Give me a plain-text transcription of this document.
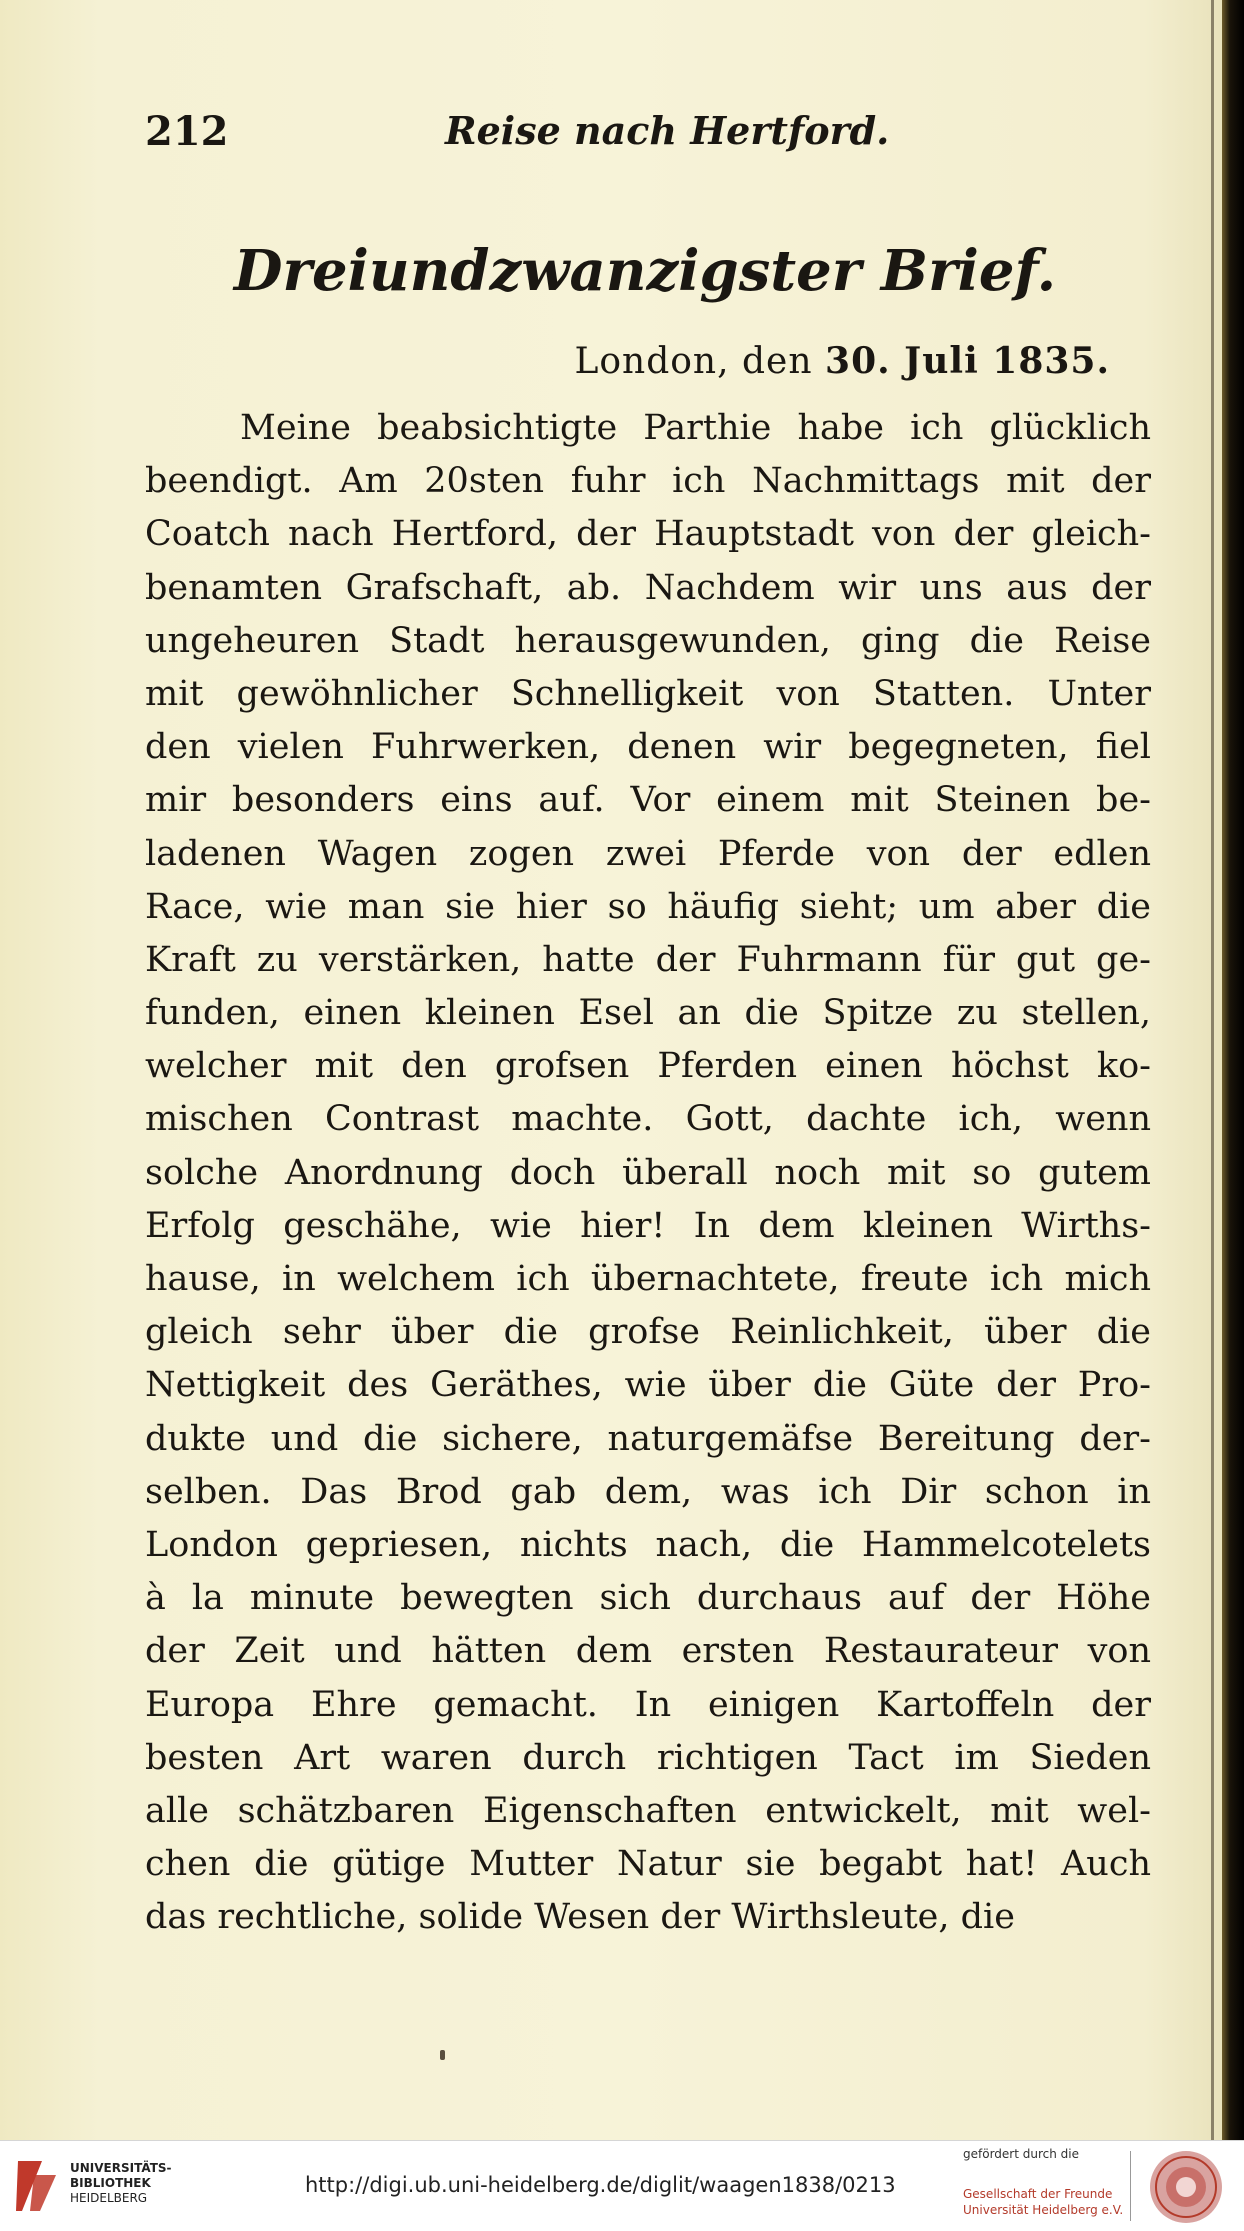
212	Reise nach Hertford.
Dreiundzwanzigster Brief.
London, den 30. Juli 1835.
Meine beabsichtigte Parthie habe ich glücklich
beendigt. Am 20sten fuhr ich Nachmittags mit der
Coatch nach Hertford, der Hauptstadt von der gleich-
benamten Grafschaft, ab. Nachdem wir uns aus der
ungeheuren Stadt herausgewunden, ging die Reise
mit gewöhnlicher Schnelligkeit von Statten. Unter
den vielen Fuhrwerken, denen wir begegneten, fiel
mir besonders eins auf. Vor einem mit Steinen be-
ladenen Wagen zogen zwei Pferde von der edlen
Race, wie man sie hier so häufig sieht; um aber die
Kraft zu verstärken, hatte der Fuhrmann für gut ge-
funden, einen kleinen Esel an die Spitze zu stellen,
welcher mit den grofsen Pferden einen höchst ko-
mischen Contrast machte. Gott, dachte ich, wenn
solche Anordnung doch überall noch mit so gutem
Erfolg geschähe, wie hier! In dem kleinen Wirths-
hause, in welchem ich übernachtete, freute ich mich
gleich sehr über die grofse Reinlichkeit, über die
Nettigkeit des Geräthes, wie über die Güte der Pro-
dukte und die sichere, naturgemäfse Bereitung der-
selben. Das Brod gab dem, was ich Dir schon in
London gepriesen, nichts nach, die Hammelcotelets
à la minute bewegten sich durchaus auf der Höhe
der Zeit und hätten dem ersten Restaurateur von
Europa Ehre gemacht. In einigen Kartoffeln der
besten Art waren durch richtigen Tact im Sieden
alle schätzbaren Eigenschaften entwickelt, mit wel-
chen die gütige Mutter Natur sie begabt hat! Auch
das rechtliche, solide Wesen der Wirthsleute, die
UNIVERSITÄTS-
BIBLIOTHEK
HEIDELBERG
http://digi.ub.uni-heidelberg.de/diglit/waagen1838/0213
gefördert durch die
Gesellschaft der Freunde
Universität Heidelberg e.V.
